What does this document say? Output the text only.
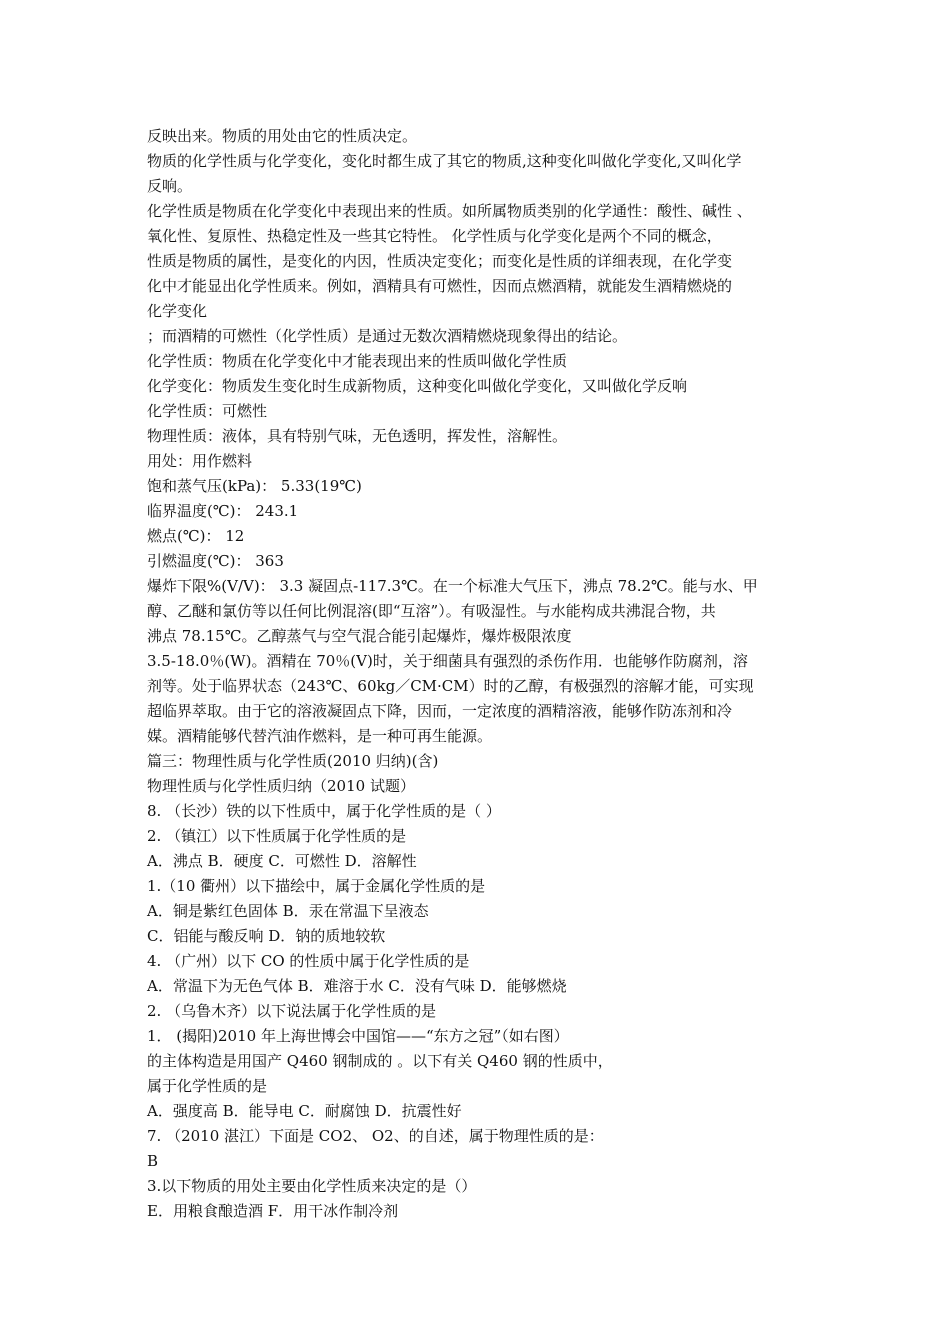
反映出来。物质的用处由它的性质决定。
物质的化学性质与化学变化，变化时都生成了其它的物质,这种变化叫做化学变化,又叫化学
反响。
化学性质是物质在化学变化中表现出来的性质。如所属物质类别的化学通性：酸性、碱性 、
氧化性、复原性、热稳定性及一些其它特性。 化学性质与化学变化是两个不同的概念，
性质是物质的属性，是变化的内因，性质决定变化；而变化是性质的详细表现，在化学变
化中才能显出化学性质来。例如，酒精具有可燃性，因而点燃酒精，就能发生酒精燃烧的
化学变化
；而酒精的可燃性（化学性质）是通过无数次酒精燃烧现象得出的结论。
化学性质：物质在化学变化中才能表现出来的性质叫做化学性质
化学变化：物质发生变化时生成新物质，这种变化叫做化学变化，又叫做化学反响
化学性质：可燃性
物理性质：液体，具有特别气味，无色透明，挥发性，溶解性。
用处：用作燃料
饱和蒸气压(kPa)： 5.33(19℃)
临界温度(℃)： 243.1
燃点(℃)： 12
引燃温度(℃)： 363
爆炸下限%(V/V)： 3.3 凝固点-117.3℃。在一个标准大气压下，沸点 78.2℃。能与水、甲
醇、乙醚和氯仿等以任何比例混溶(即“互溶”）。有吸湿性。与水能构成共沸混合物，共
沸点 78.15℃。乙醇蒸气与空气混合能引起爆炸，爆炸极限浓度
3.5-18.0％(W)。酒精在 70％(V)时，关于细菌具有强烈的杀伤作用．也能够作防腐剂，溶
剂等。处于临界状态（243℃、60kg／CM·CM）时的乙醇，有极强烈的溶解才能，可实现
超临界萃取。由于它的溶液凝固点下降，因而，一定浓度的酒精溶液，能够作防冻剂和冷
媒。酒精能够代替汽油作燃料，是一种可再生能源。
篇三：物理性质与化学性质(2010 归纳)(含)
物理性质与化学性质归纳（2010 试题）
8. （长沙）铁的以下性质中，属于化学性质的是（ ）
2. （镇江）以下性质属于化学性质的是
A．沸点 B．硬度 C．可燃性 D．溶解性
1.（10 衢州）以下描绘中，属于金属化学性质的是
A．铜是紫红色固体 B．汞在常温下呈液态
C．铝能与酸反响 D．钠的质地较软
4. （广州）以下 CO 的性质中属于化学性质的是
A．常温下为无色气体 B．难溶于水 C．没有气味 D．能够燃烧
2. （乌鲁木齐）以下说法属于化学性质的是
1． (揭阳)2010 年上海世博会中国馆——“东方之冠”（如右图）
的主体构造是用国产 Q460 钢制成的 。以下有关 Q460 钢的性质中，
属于化学性质的是
A．强度高 B．能导电 C．耐腐蚀 D．抗震性好
7. （2010 湛江）下面是 CO2、 O2、的自述，属于物理性质的是：
B
3.以下物质的用处主要由化学性质来决定的是（）
E．用粮食酿造酒 F．用干冰作制冷剂
